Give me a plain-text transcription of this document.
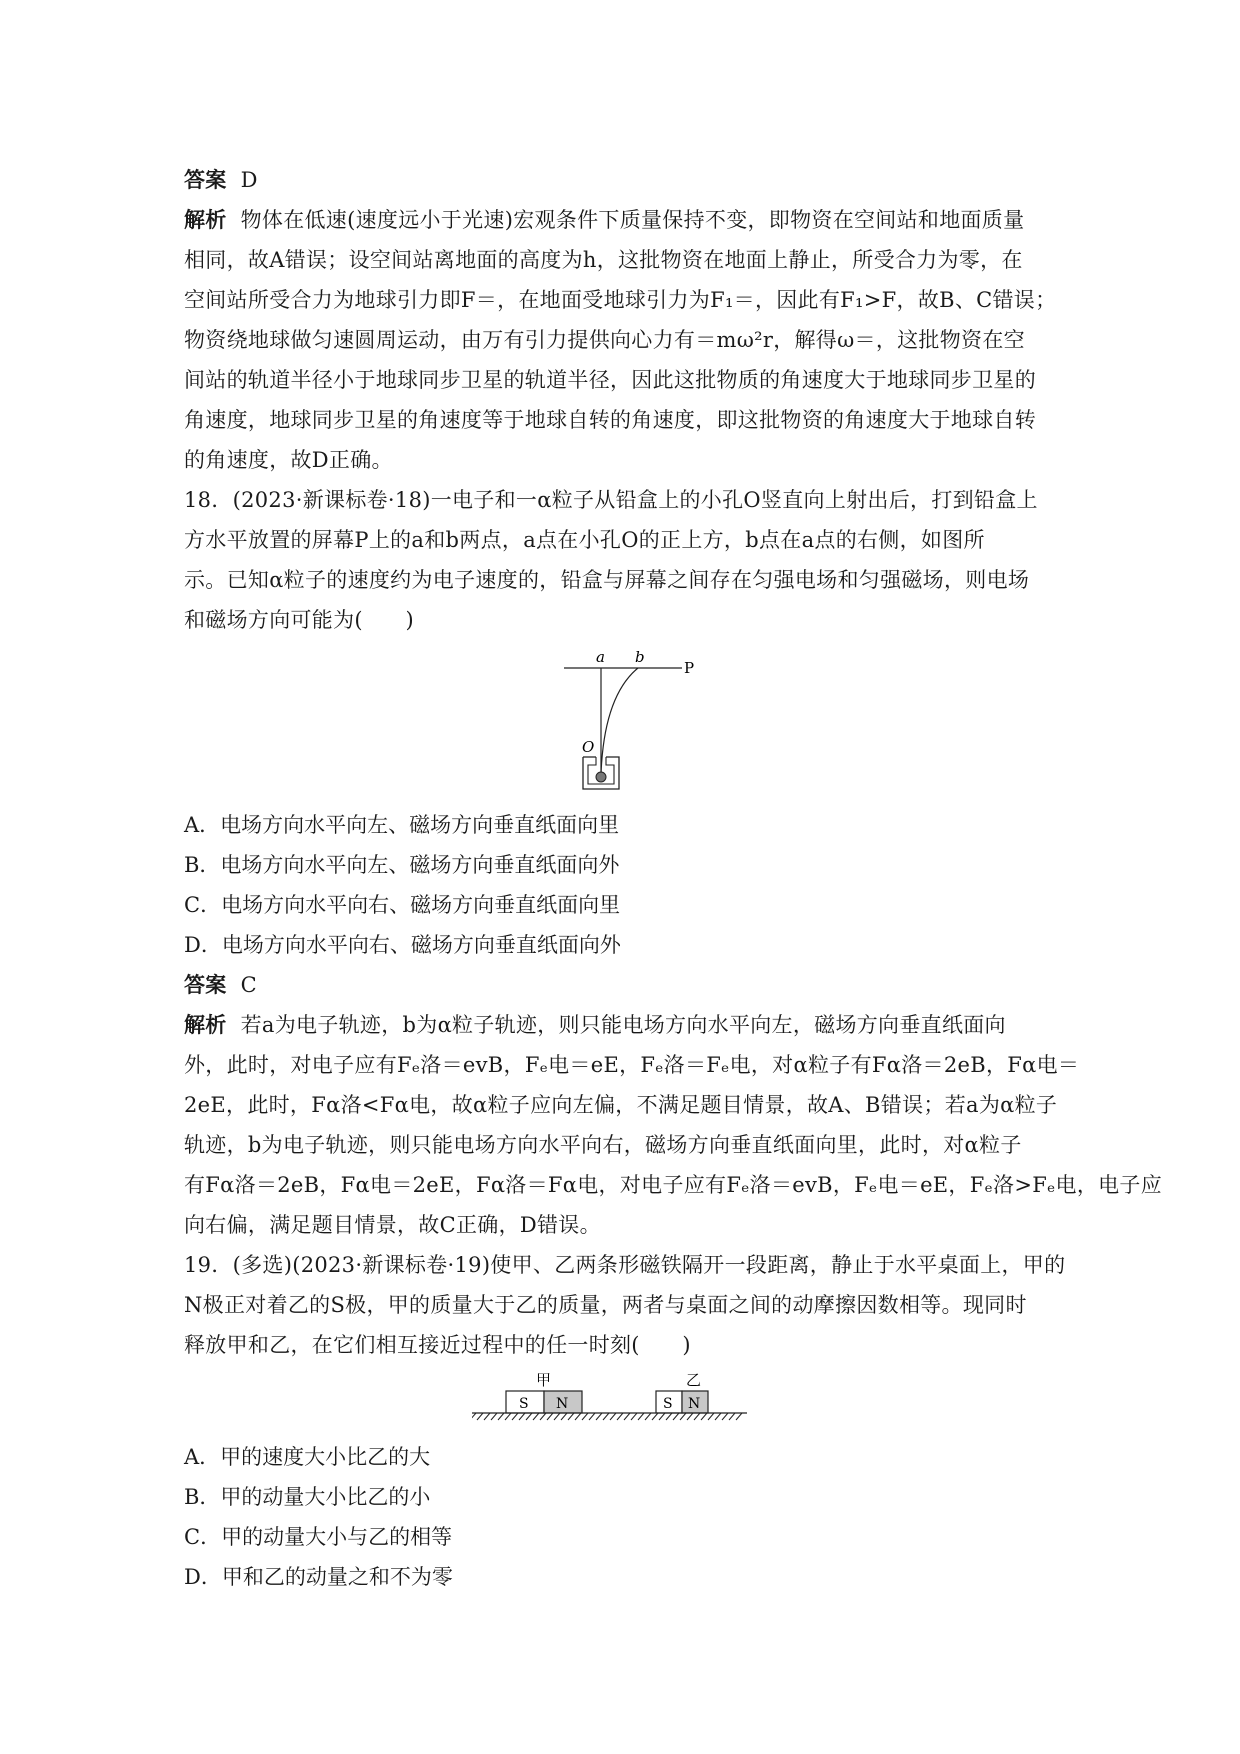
答案 D
解析 物体在低速(速度远小于光速)宏观条件下质量保持不变，即物资在空间站和地面质量
相同，故A错误；设空间站离地面的高度为h，这批物资在地面上静止，所受合力为零，在
空间站所受合力为地球引力即F＝，在地面受地球引力为F₁＝，因此有F₁>F，故B、C错误；
物资绕地球做匀速圆周运动，由万有引力提供向心力有＝mω²r，解得ω＝，这批物资在空
间站的轨道半径小于地球同步卫星的轨道半径，因此这批物质的角速度大于地球同步卫星的
角速度，地球同步卫星的角速度等于地球自转的角速度，即这批物资的角速度大于地球自转
的角速度，故D正确。
18．(2023·新课标卷·18)一电子和一α粒子从铅盒上的小孔O竖直向上射出后，打到铅盒上
方水平放置的屏幕P上的a和b两点，a点在小孔O的正上方，b点在a点的右侧，如图所
示。已知α粒子的速度约为电子速度的，铅盒与屏幕之间存在匀强电场和匀强磁场，则电场
和磁场方向可能为(　　)
a b
P
O
A．电场方向水平向左、磁场方向垂直纸面向里
B．电场方向水平向左、磁场方向垂直纸面向外
C．电场方向水平向右、磁场方向垂直纸面向里
D．电场方向水平向右、磁场方向垂直纸面向外
答案 C
解析 若a为电子轨迹，b为α粒子轨迹，则只能电场方向水平向左，磁场方向垂直纸面向
外，此时，对电子应有Fₑ洛＝evB，Fₑ电＝eE，Fₑ洛＝Fₑ电，对α粒子有Fα洛＝2eB，Fα电＝
2eE，此时，Fα洛<Fα电，故α粒子应向左偏，不满足题目情景，故A、B错误；若a为α粒子
轨迹，b为电子轨迹，则只能电场方向水平向右，磁场方向垂直纸面向里，此时，对α粒子
有Fα洛＝2eB，Fα电＝2eE，Fα洛＝Fα电，对电子应有Fₑ洛＝evB，Fₑ电＝eE，Fₑ洛>Fₑ电，电子应
向右偏，满足题目情景，故C正确，D错误。
19．(多选)(2023·新课标卷·19)使甲、乙两条形磁铁隔开一段距离，静止于水平桌面上，甲的
N极正对着乙的S极，甲的质量大于乙的质量，两者与桌面之间的动摩擦因数相等。现同时
释放甲和乙，在它们相互接近过程中的任一时刻(　　)
甲	乙
S N	S N
A．甲的速度大小比乙的大
B．甲的动量大小比乙的小
C．甲的动量大小与乙的相等
D．甲和乙的动量之和不为零
